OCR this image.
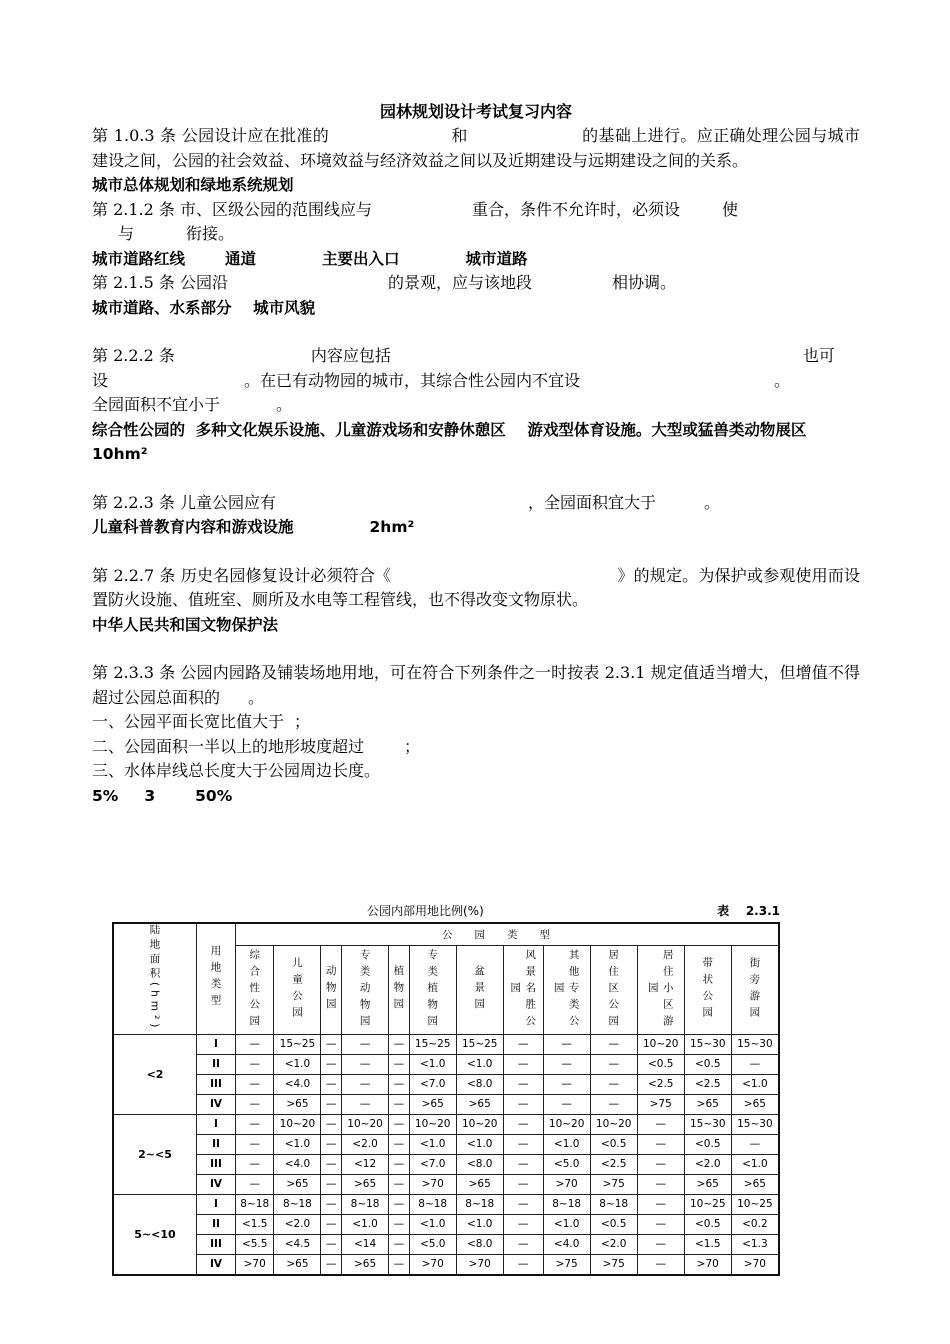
园林规划设计考试复习内容

第 1.0.3 条 公园设计应在批准的	和	的基础上进行。应正确处理公园与城市建设之间，公园的社会效益、环境效益与经济效益之间以及近期建设与远期建设之间的关系。

城市总体规划和绿地系统规划

第 2.1.2 条 市、区级公园的范围线应与	重合，条件不允许时，必须设	使
与	衔接。

城市道路红线	通道	主要出入口	城市道路

第 2.1.5 条 公园沿	的景观，应与该地段	相协调。

城市道路、水系部分    城市风貌

第 2.2.2 条	内容应包括	也可
设	。在已有动物园的城市，其综合性公园内不宜设	。
全园面积不宜小于	。

综合性公园的  多种文化娱乐设施、儿童游戏场和安静休憩区    游戏型体育设施。大型或猛兽类动物展区 10hm²

第 2.2.3 条 儿童公园应有	，全园面积宜大于	。

儿童科普教育内容和游戏设施	2hm²

第 2.2.7 条 历史名园修复设计必须符合《	》的规定。为保护或参观使用而设置防火设施、值班室、厕所及水电等工程管线，也不得改变文物原状。

中华人民共和国文物保护法

第 2.3.3 条 公园内园路及铺装场地用地，可在符合下列条件之一时按表 2.3.1 规定值适当增大，但增值不得超过公园总面积的 。
一、公园平面长宽比值大于 ；
二、公园面积一半以上的地形坡度超过	；
三、水体岸线总长度大于公园周边长度。

5% 3	50%

公园内部用地比例(%)	表    2.3.1
陆地面积(hm²)	用地类型	公园类型												
		综合性公园	儿童公园	动物园	专类动物园	植物园	专类植物园	盆景园	风景名胜公园	其他专类公园	居住区公园	居住小区游园	带状公园	街旁游园
<2	I	—	15~25	—	—	—	15~25	15~25	—	—	—	10~20	15~30	15~30
	II	—	<1.0	—	—	—	<1.0	<1.0	—	—	—	<0.5	<0.5	—
	III	—	<4.0	—	—	—	<7.0	<8.0	—	—	—	<2.5	<2.5	<1.0
	IV	—	>65	—	—	—	>65	>65	—	—	—	>75	>65	>65
2~<5	I	—	10~20	—	10~20	—	10~20	10~20	—	10~20	10~20	—	15~30	15~30
	II	—	<1.0	—	<2.0	—	<1.0	<1.0	—	<1.0	<0.5	—	<0.5	—
	III	—	<4.0	—	<12	—	<7.0	<8.0	—	<5.0	<2.5	—	<2.0	<1.0
	IV	—	>65	—	>65	—	>70	>65	—	>70	>75	—	>65	>65
5~<10	I	8~18	8~18	—	8~18	—	8~18	8~18	—	8~18	8~18	—	10~25	10~25
	II	<1.5	<2.0	—	<1.0	—	<1.0	<1.0	—	<1.0	<0.5	—	<0.5	<0.2
	III	<5.5	<4.5	—	<14	—	<5.0	<8.0	—	<4.0	<2.0	—	<1.5	<1.3
	IV	>70	>65	—	>65	—	>70	>70	—	>75	>75	—	>70	>70
